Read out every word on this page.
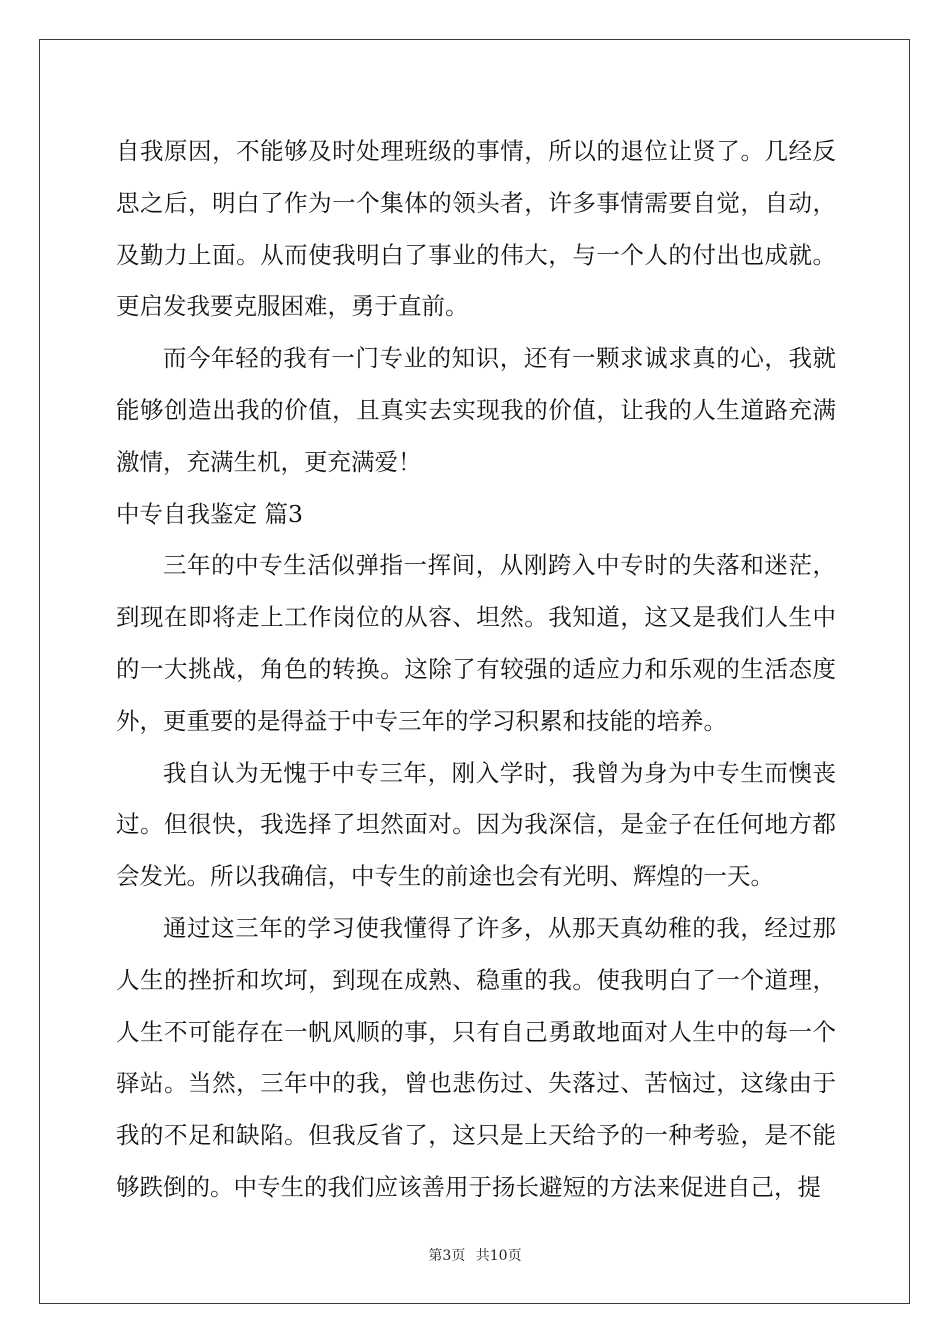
自我原因，不能够及时处理班级的事情，所以的退位让贤了。几经反思之后，明白了作为一个集体的领头者，许多事情需要自觉，自动，及勤力上面。从而使我明白了事业的伟大，与一个人的付出也成就。更启发我要克服困难，勇于直前。

而今年轻的我有一门专业的知识，还有一颗求诚求真的心，我就能够创造出我的价值，且真实去实现我的价值，让我的人生道路充满激情，充满生机，更充满爱！

中专自我鉴定 篇3

三年的中专生活似弹指一挥间，从刚跨入中专时的失落和迷茫，到现在即将走上工作岗位的从容、坦然。我知道，这又是我们人生中的一大挑战，角色的转换。这除了有较强的适应力和乐观的生活态度外，更重要的是得益于中专三年的学习积累和技能的培养。

我自认为无愧于中专三年，刚入学时，我曾为身为中专生而懊丧过。但很快，我选择了坦然面对。因为我深信，是金子在任何地方都会发光。所以我确信，中专生的前途也会有光明、辉煌的一天。

通过这三年的学习使我懂得了许多，从那天真幼稚的我，经过那人生的挫折和坎坷，到现在成熟、稳重的我。使我明白了一个道理，人生不可能存在一帆风顺的事，只有自己勇敢地面对人生中的每一个驿站。当然，三年中的我，曾也悲伤过、失落过、苦恼过，这缘由于我的不足和缺陷。但我反省了，这只是上天给予的一种考验，是不能够跌倒的。中专生的我们应该善用于扬长避短的方法来促进自己，提

第3页 共10页
